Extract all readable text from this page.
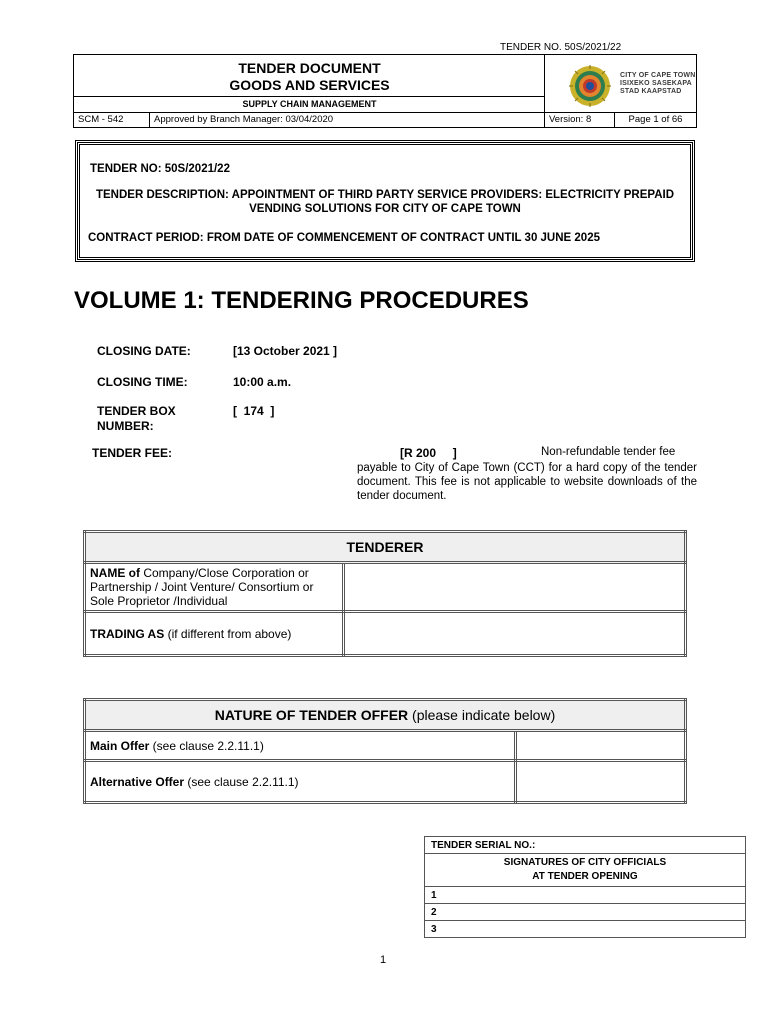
TENDER NO. 50S/2021/22
TENDER DOCUMENT
GOODS AND SERVICES
SUPPLY CHAIN MANAGEMENT
CITY OF CAPE TOWN
ISIXEKO SASEKAPA
STAD KAAPSTAD
SCM - 542	Approved by Branch Manager: 03/04/2020	Version: 8	Page 1 of 66
TENDER NO: 50S/2021/22
TENDER DESCRIPTION: APPOINTMENT OF THIRD PARTY SERVICE PROVIDERS: ELECTRICITY PREPAID VENDING SOLUTIONS FOR CITY OF CAPE TOWN
CONTRACT PERIOD: FROM DATE OF COMMENCEMENT OF CONTRACT UNTIL 30 JUNE 2025
VOLUME 1: TENDERING PROCEDURES
CLOSING DATE:	[13 October 2021 ]
CLOSING TIME:	10:00 a.m.
TENDER BOX NUMBER:
[  174  ]
TENDER FEE:	[R 200     ]	Non-refundable tender fee
payable to City of Cape Town (CCT) for a hard copy of the tender document. This fee is not applicable to website downloads of the tender document.
TENDERER	
NAME of Company/Close Corporation or Partnership / Joint Venture/ Consortium or Sole Proprietor /Individual	
TRADING AS (if different from above)	
NATURE OF TENDER OFFER (please indicate below)	
Main Offer (see clause 2.2.11.1)	
Alternative Offer (see clause 2.2.11.1)	
TENDER SERIAL NO.:

SIGNATURES OF CITY OFFICIALS
AT TENDER OPENING

1
2
3
1
